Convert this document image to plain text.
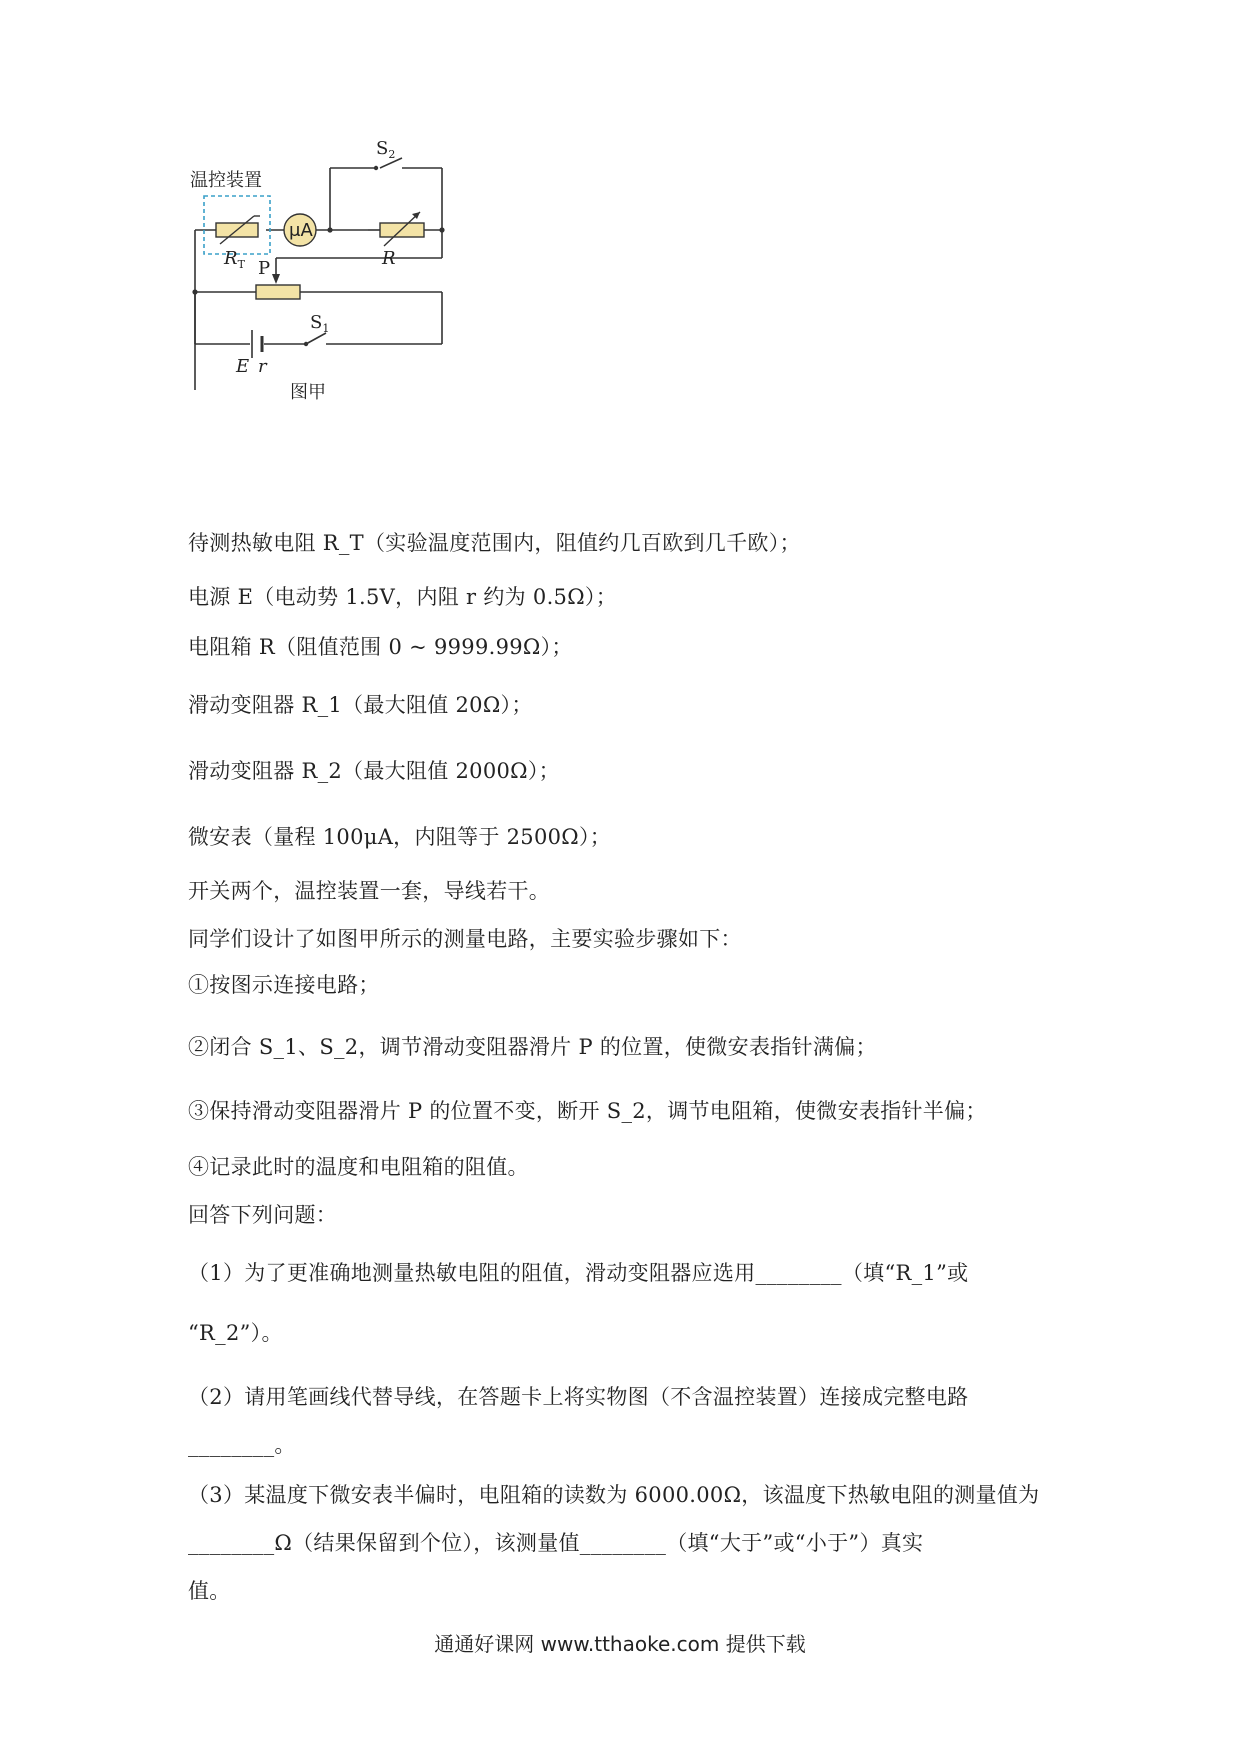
温控装置
$R_T$
μA
$S_2$
R
P
$S_1$
E r
图甲
待测热敏电阻 R_T（实验温度范围内，阻值约几百欧到几千欧）；
电源 E（电动势 1.5V，内阻 r 约为 0.5Ω）；
电阻箱 R（阻值范围 0 ~ 9999.99Ω）；
滑动变阻器 R_1（最大阻值 20Ω）；
滑动变阻器 R_2（最大阻值 2000Ω）；
微安表（量程 100μA，内阻等于 2500Ω）；
开关两个，温控装置一套，导线若干。
同学们设计了如图甲所示的测量电路，主要实验步骤如下：
①按图示连接电路；
②闭合 S_1、S_2，调节滑动变阻器滑片 P 的位置，使微安表指针满偏；
③保持滑动变阻器滑片 P 的位置不变，断开 S_2，调节电阻箱，使微安表指针半偏；
④记录此时的温度和电阻箱的阻值。
回答下列问题：
（1）为了更准确地测量热敏电阻的阻值，滑动变阻器应选用________（填“R_1”或
“R_2”）。
（2）请用笔画线代替导线，在答题卡上将实物图（不含温控装置）连接成完整电路
________。
（3）某温度下微安表半偏时，电阻箱的读数为 6000.00Ω，该温度下热敏电阻的测量值为
________Ω（结果保留到个位），该测量值________（填“大于”或“小于”）真实
值。
通通好课网 www.tthaoke.com 提供下载
